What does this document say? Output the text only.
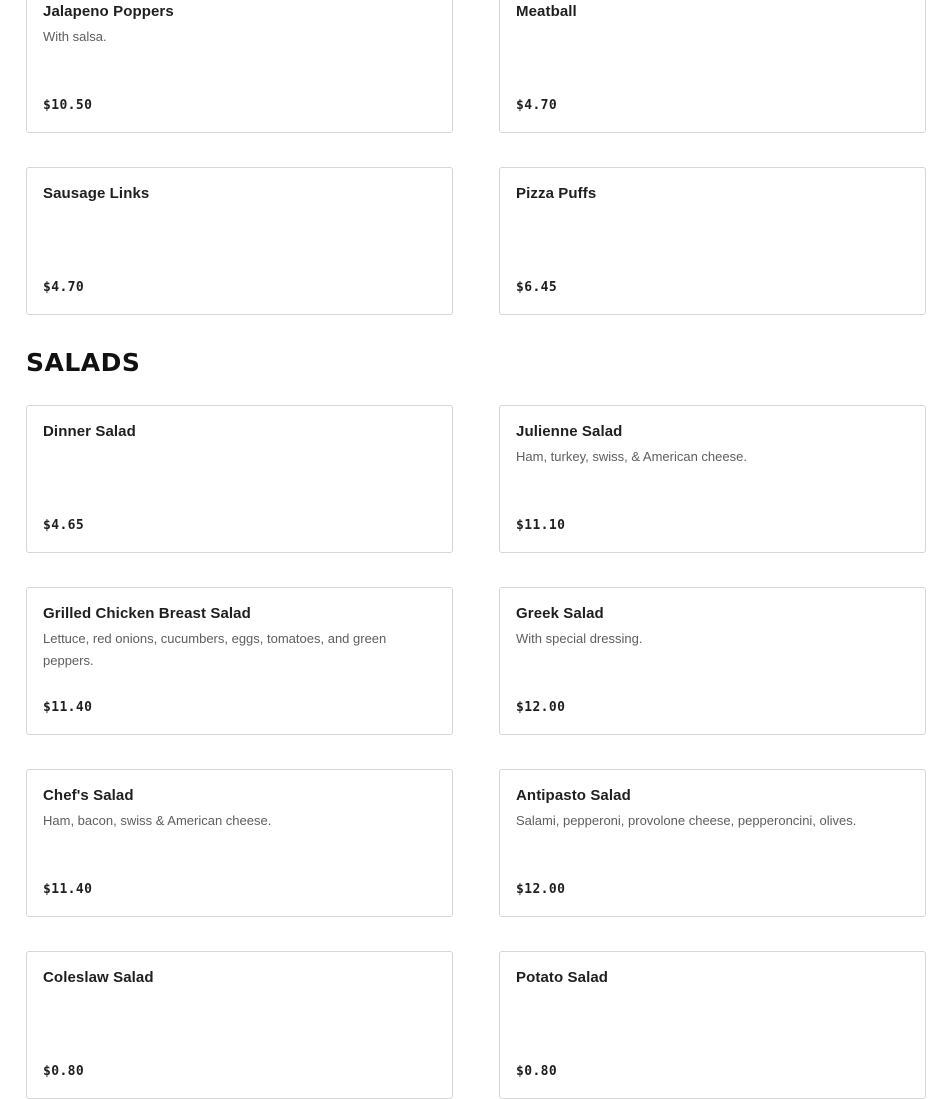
Jalapeno Poppers
With salsa.
$10.50
Meatball
$4.70
Sausage Links
$4.70
Pizza Puffs
$6.45
SALADS
Dinner Salad
$4.65
Julienne Salad
Ham, turkey, swiss, & American cheese.
$11.10
Grilled Chicken Breast Salad
Lettuce, red onions, cucumbers, eggs, tomatoes, and green peppers.
$11.40
Greek Salad
With special dressing.
$12.00
Chef's Salad
Ham, bacon, swiss & American cheese.
$11.40
Antipasto Salad
Salami, pepperoni, provolone cheese, pepperoncini, olives.
$12.00
Coleslaw Salad
$0.80
Potato Salad
$0.80
